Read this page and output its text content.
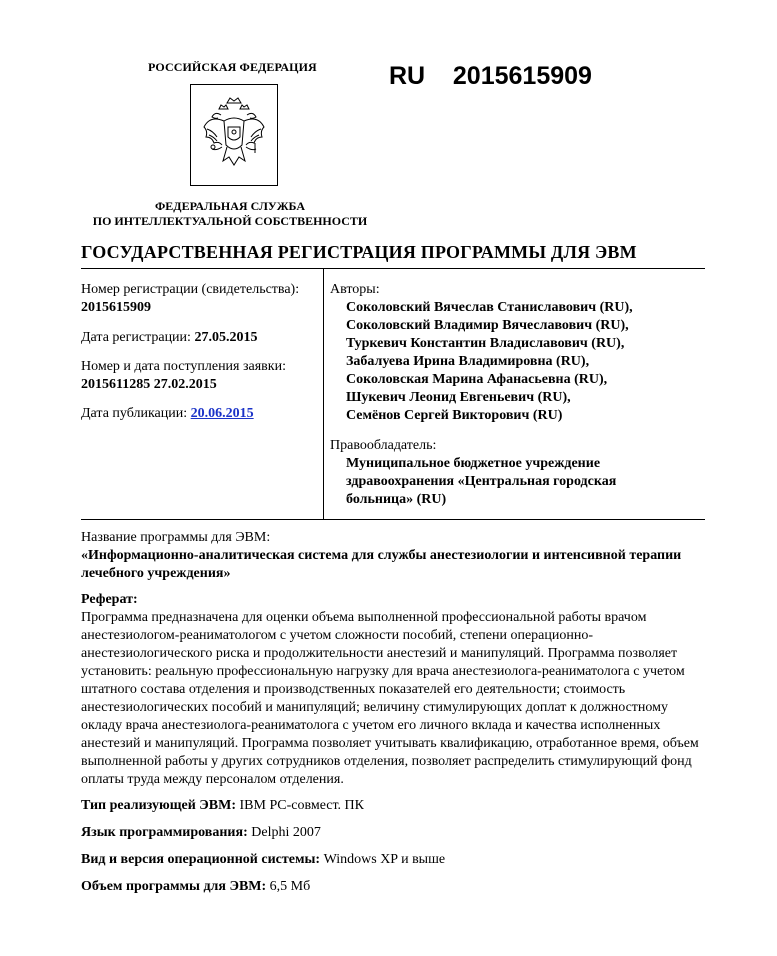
РОССИЙСКАЯ ФЕДЕРАЦИЯ
ФЕДЕРАЛЬНАЯ СЛУЖБА
ПО ИНТЕЛЛЕКТУАЛЬНОЙ СОБСТВЕННОСТИ
RU    2015615909
ГОСУДАРСТВЕННАЯ РЕГИСТРАЦИЯ ПРОГРАММЫ ДЛЯ ЭВМ
Номер регистрации (свидетельства):
2015615909
Дата регистрации: 27.05.2015
Номер и дата поступления заявки:
2015611285 27.02.2015
Дата публикации: 20.06.2015
Авторы:
Соколовский Вячеслав Станиславович (RU),
Соколовский Владимир Вячеславович (RU),
Туркевич Константин Владиславович (RU),
Забалуева Ирина Владимировна (RU),
Соколовская Марина Афанасьевна (RU),
Шукевич Леонид Евгеньевич (RU),
Семёнов Сергей Викторович (RU)
Правообладатель:
Муниципальное бюджетное учреждение
здравоохранения «Центральная городская
больница» (RU)
Название программы для ЭВМ:
«Информационно-аналитическая система для службы анестезиологии и интенсивной терапии лечебного учреждения»
Реферат:
Программа предназначена для оценки объема выполненной профессиональной работы врачом анестезиологом-реаниматологом с учетом сложности пособий, степени операционно-анестезиологического риска и продолжительности анестезий и манипуляций. Программа позволяет установить: реальную профессиональную нагрузку для врача анестезиолога-реаниматолога с учетом штатного состава отделения и производственных показателей его деятельности; стоимость анестезиологических пособий и манипуляций; величину стимулирующих доплат к должностному окладу врача анестезиолога-реаниматолога с учетом его личного вклада и качества исполненных анестезий и манипуляций. Программа позволяет учитывать квалификацию, отработанное время, объем выполненной работы у других сотрудников отделения, позволяет распределить стимулирующий фонд оплаты труда между персоналом отделения.
Тип реализующей ЭВМ: IBM PC-совмест. ПК
Язык программирования: Delphi 2007
Вид и версия операционной системы: Windows XP и выше
Объем программы для ЭВМ: 6,5 Мб
